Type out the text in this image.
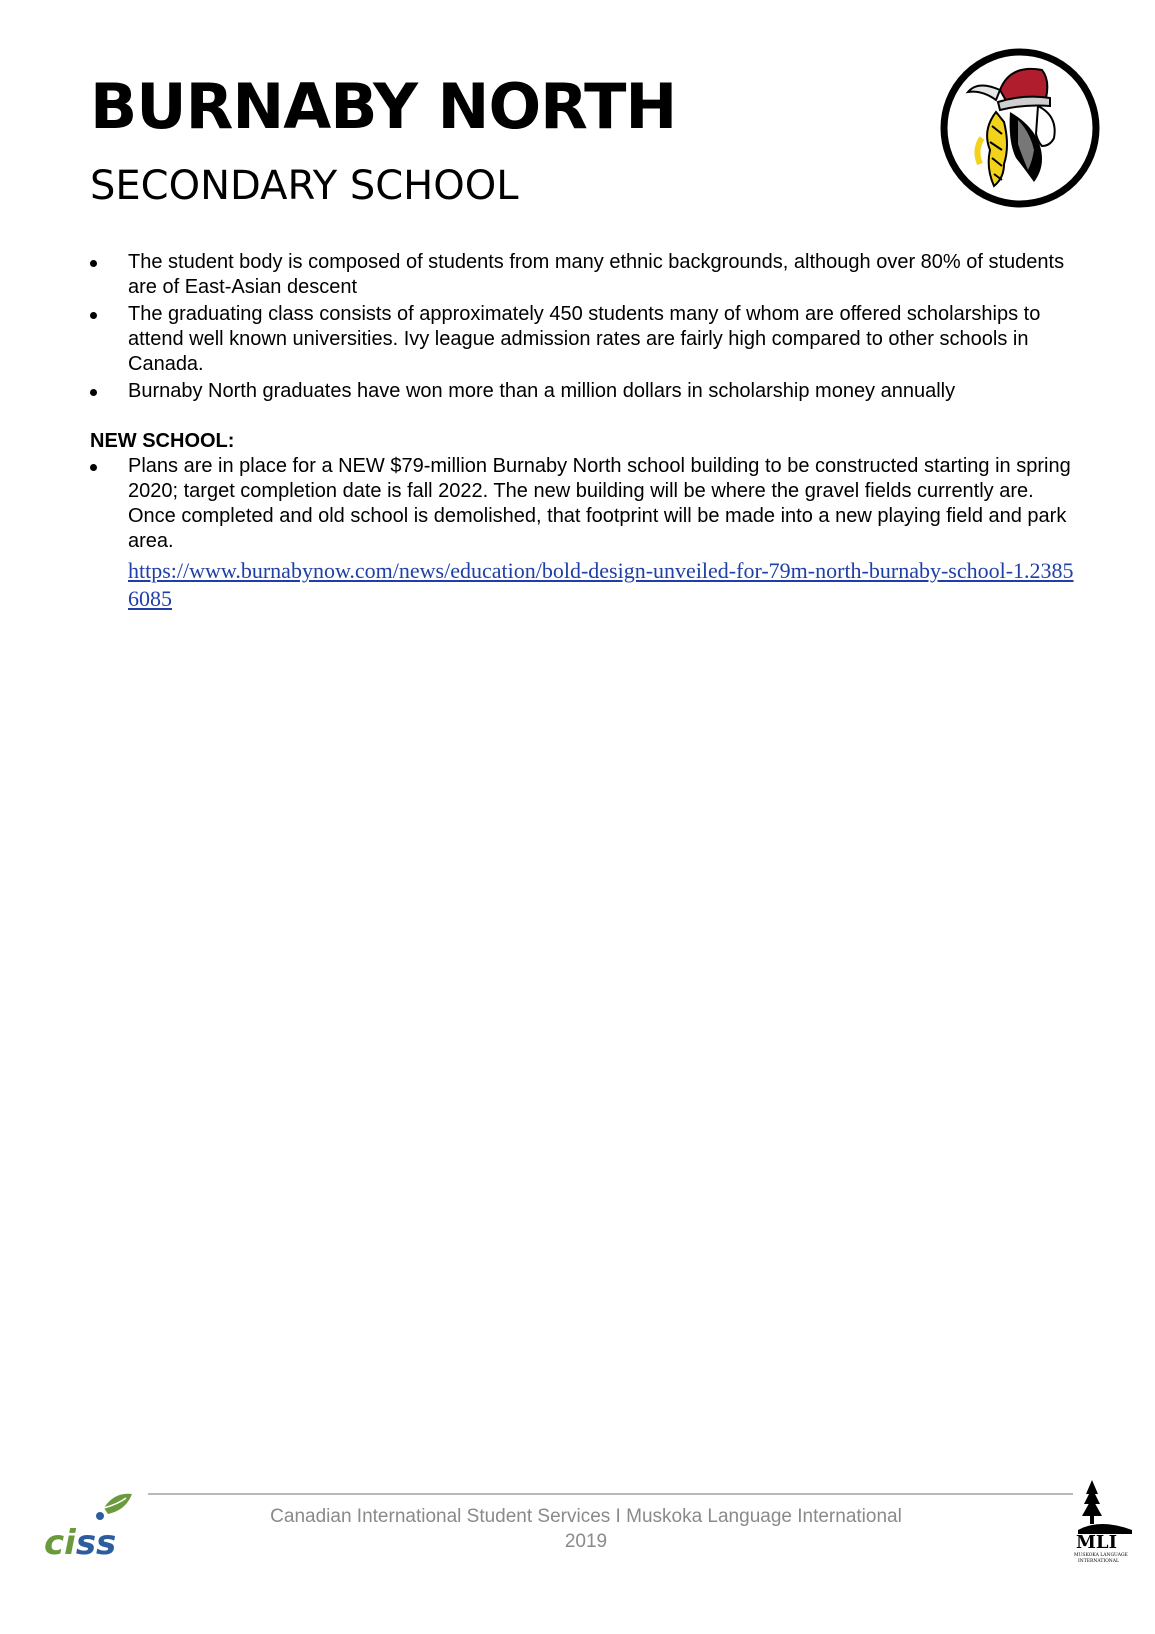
BURNABY NORTH
SECONDARY SCHOOL
The student body is composed of students from many ethnic backgrounds, although over 80% of students are of East-Asian descent
The graduating class consists of approximately 450 students many of whom are offered scholarships to attend well known universities. Ivy league admission rates are fairly high compared to other schools in Canada.
Burnaby North graduates have won more than a million dollars in scholarship money annually
NEW SCHOOL:
Plans are in place for a NEW $79-million Burnaby North school building to be constructed starting in spring 2020; target completion date is fall 2022. The new building will be where the gravel fields currently are. Once completed and old school is demolished, that footprint will be made into a new playing field and park area.
https://www.burnabynow.com/news/education/bold-design-unveiled-for-79m-north-burnaby-school-1.23856085
ciss
Canadian International Student Services I Muskoka Language International
2019	MLI
MUSKOKA LANGUAGE
INTERNATIONAL
